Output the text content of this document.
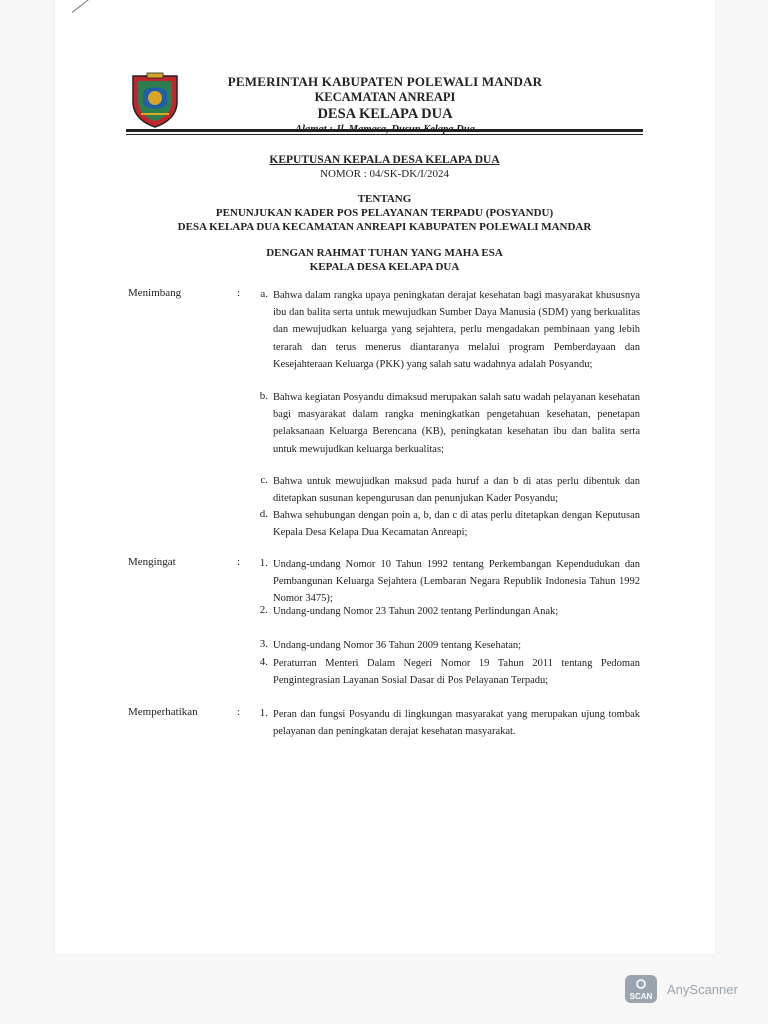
PEMERINTAH KABUPATEN POLEWALI MANDAR
KECAMATAN ANREAPI
DESA KELAPA DUA
KEPUTUSAN KEPALA DESA KELAPA DUA
NOMOR : 04/SK-DK/I/2024
TENTANG
PENUNJUKAN KADER POS PELAYANAN TERPADU (POSYANDU)
DESA KELAPA DUA KECAMATAN ANREAPI KABUPATEN POLEWALI MANDAR
DENGAN RAHMAT TUHAN YANG MAHA ESA
KEPALA DESA KELAPA DUA
Menimbang	:	a. Bahwa dalam rangka upaya peningkatan derajat kesehatan bagi masyarakat khususnya ibu dan balita serta untuk mewujudkan Sumber Daya Manusia (SDM) yang berkualitas dan mewujudkan keluarga yang sejahtera, perlu mengadakan pembinaan yang lebih terarah dan terus menerus diantaranya melalui program Pemberdayaan dan Kesejahteraan Keluarga (PKK) yang salah satu wadahnya adalah Posyandu;
b. Bahwa kegiatan Posyandu dimaksud merupakan salah satu wadah pelayanan kesehatan bagi masyarakat dalam rangka meningkatkan pengetahuan kesehatan, penetapan pelaksanaan Keluarga Berencana (KB), peningkatan kesehatan ibu dan balita serta untuk mewujudkan keluarga berkualitas;
c. Bahwa untuk mewujudkan maksud pada huruf a dan b di atas perlu dibentuk dan ditetapkan susunan kepengurusan dan penunjukan Kader Posyandu;
d. Bahwa sehubungan dengan poin a, b, dan c di atas perlu ditetapkan dengan Keputusan Kepala Desa Kelapa Dua Kecamatan Anreapi;
Mengingat	:	1. Undang-undang Nomor 10 Tahun 1992 tentang Perkembangan Kependudukan dan Pembangunan Keluarga Sejahtera (Lembaran Negara Republik Indonesia Tahun 1992 Nomor 3475);
2. Undang-undang Nomor 23 Tahun 2002 tentang Perlindungan Anak;
3. Undang-undang Nomor 36 Tahun 2009 tentang Kesehatan;
4. Peraturran Menteri Dalam Negeri Nomor 19 Tahun 2011 tentang Pedoman Pengintegrasian Layanan Sosial Dasar di Pos Pelayanan Terpadu;
Memperhatikan	:	1. Peran dan fungsi Posyandu di lingkungan masyarakat yang merupakan ujung tombak pelayanan dan peningkatan derajat kesehatan masyarakat.
SCAN AnyScanner
